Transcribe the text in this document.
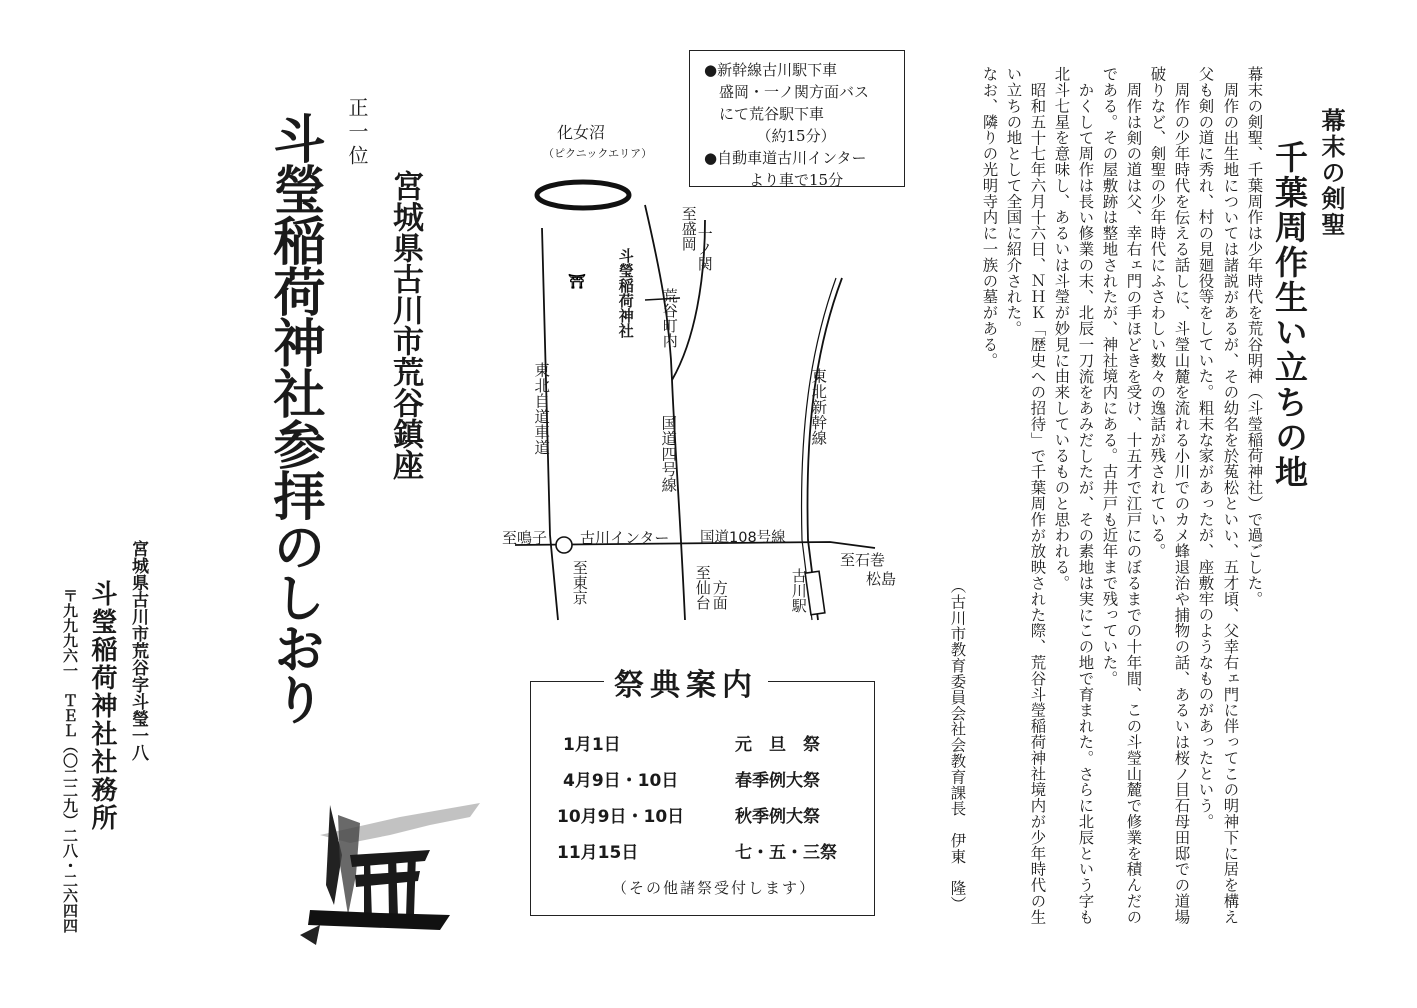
千葉周作生い立ちの地 幕末の剣聖
幕末の剣聖、千葉周作は少年時代を荒谷明神（斗瑩稲荷神社）で過ごした。
周作の出生地については諸説があるが、その幼名を於菟松といい、五才頃、父幸右ェ門に伴ってこの明神下に居を構え
父も剣の道に秀れ、村の見廻役等をしていた。粗末な家があったが、座敷牢のようなものがあったという。
周作の少年時代を伝える話しに、斗瑩山麓を流れる小川でのカメ蜂退治や捕物の話、あるいは桜ノ目石母田邸での道場
破りなど、剣聖の少年時代にふさわしい数々の逸話が残されている。
周作は剣の道は父、幸右ェ門の手ほどきを受け、十五才で江戸にのぼるまでの十年間、この斗瑩山麓で修業を積んだの
である。その屋敷跡は整地されたが、神社境内にある。古井戸も近年まで残っていた。
かくして周作は長い修業の末、北辰一刀流をあみだしたが、その素地は実にこの地で育まれた。さらに北辰という字も
北斗七星を意味し、あるいは斗瑩が妙見に由来しているものと思われる。
昭和五十七年六月十六日、ＮＨＫ「歴史への招待」で千葉周作が放映された際、荒谷斗瑩稲荷神社境内が少年時代の生
い立ちの地として全国に紹介された。
なお、隣りの光明寺内に一族の墓がある。
（古川市教育委員会社会教育課長　伊東　隆）
正一位
斗瑩稲荷神社参拝のしおり 宮城県古川市荒谷鎮座
宮城県古川市荒谷字斗瑩一八
斗瑩稲荷神社社務所
〒九九九六一　ＴＥＬ（〇二二九）二八・二六四四
●新幹線古川駅下車
　盛岡・一ノ関方面バス
　にて荒谷駅下車
　　　　（約15分）
●自動車道古川インター
　　　より車で15分
⛩
化女沼
（ピクニックエリア）
斗瑩稲荷神社
至盛岡
一ノ関
荒谷町内
東北自道車道	国道四号線
東北新幹線
至鳴子 古川インター 国道108号線
至石巻
松島
至東京	至仙台 方面	古川駅
祭典案内
1月1日	元　旦　祭
4月9日・10日	春季例大祭
10月9日・10日	秋季例大祭
11月15日	七・五・三祭
（その他諸祭受付します）
